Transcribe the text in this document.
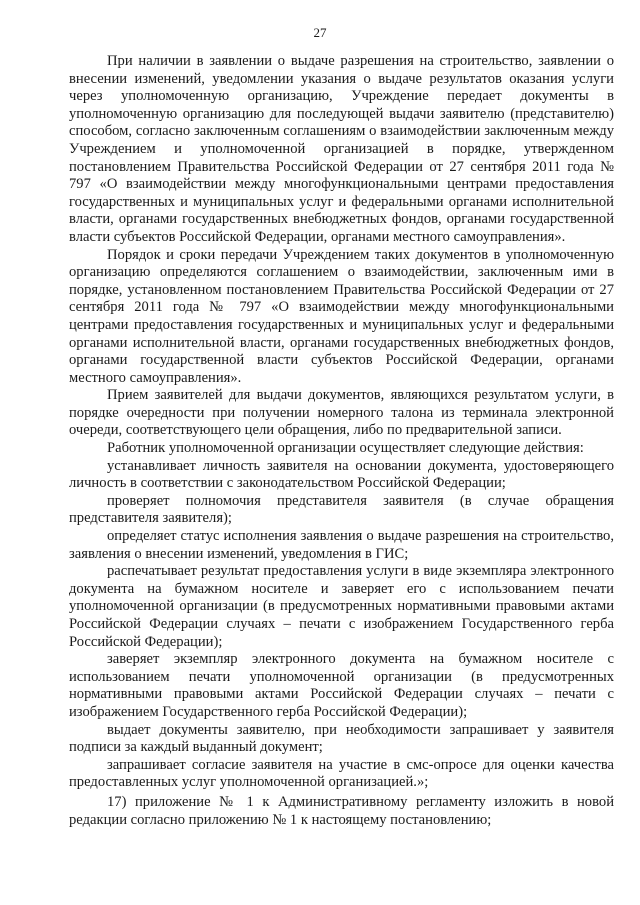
27

При наличии в заявлении о выдаче разрешения на строительство, заявлении о внесении изменений, уведомлении указания о выдаче результатов оказания услуги через уполномоченную организацию, Учреждение передает документы в уполномоченную организацию для последующей выдачи заявителю (представителю) способом, согласно заключенным соглашениям о взаимодействии заключенным между Учреждением и уполномоченной организацией в порядке, утвержденном постановлением Правительства Российской Федерации от 27 сентября 2011 года № 797 «О взаимодействии между многофункциональными центрами предоставления государственных и муниципальных услуг и федеральными органами исполнительной власти, органами государственных внебюджетных фондов, органами государственной власти субъектов Российской Федерации, органами местного самоуправления».

Порядок и сроки передачи Учреждением таких документов в уполномоченную организацию определяются соглашением о взаимодействии, заключенным ими в порядке, установленном постановлением Правительства Российской Федерации от 27 сентября 2011 года № 797 «О взаимодействии между многофункциональными центрами предоставления государственных и муниципальных услуг и федеральными органами исполнительной власти, органами государственных внебюджетных фондов, органами государственной власти субъектов Российской Федерации, органами местного самоуправления».

Прием заявителей для выдачи документов, являющихся результатом услуги, в порядке очередности при получении номерного талона из терминала электронной очереди, соответствующего цели обращения, либо по предварительной записи.

Работник уполномоченной организации осуществляет следующие действия:

устанавливает личность заявителя на основании документа, удостоверяющего личность в соответствии с законодательством Российской Федерации;

проверяет полномочия представителя заявителя (в случае обращения представителя заявителя);

определяет статус исполнения заявления о выдаче разрешения на строительство, заявления о внесении изменений, уведомления в ГИС;

распечатывает результат предоставления услуги в виде экземпляра электронного документа на бумажном носителе и заверяет его с использованием печати уполномоченной организации (в предусмотренных нормативными правовыми актами Российской Федерации случаях – печати с изображением Государственного герба Российской Федерации);

заверяет экземпляр электронного документа на бумажном носителе с использованием печати уполномоченной организации (в предусмотренных нормативными правовыми актами Российской Федерации случаях – печати с изображением Государственного герба Российской Федерации);

выдает документы заявителю, при необходимости запрашивает у заявителя подписи за каждый выданный документ;

запрашивает согласие заявителя на участие в смс-опросе для оценки качества предоставленных услуг уполномоченной организацией.»;

17) приложение № 1 к Административному регламенту изложить в новой редакции согласно приложению № 1 к настоящему постановлению;
